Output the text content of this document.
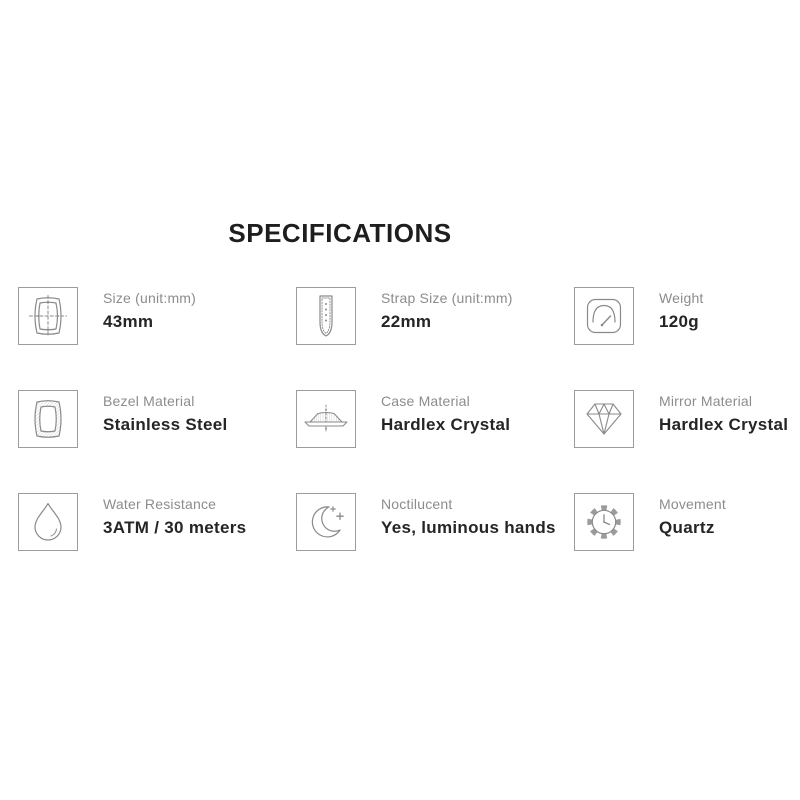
SPECIFICATIONS
Size (unit:mm)
43mm
Strap Size (unit:mm)
22mm
Weight
120g
Bezel Material
Stainless Steel
Case Material
Hardlex Crystal
Mirror Material
Hardlex Crystal
Water Resistance
3ATM / 30 meters
Noctilucent
Yes, luminous hands
Movement
Quartz
